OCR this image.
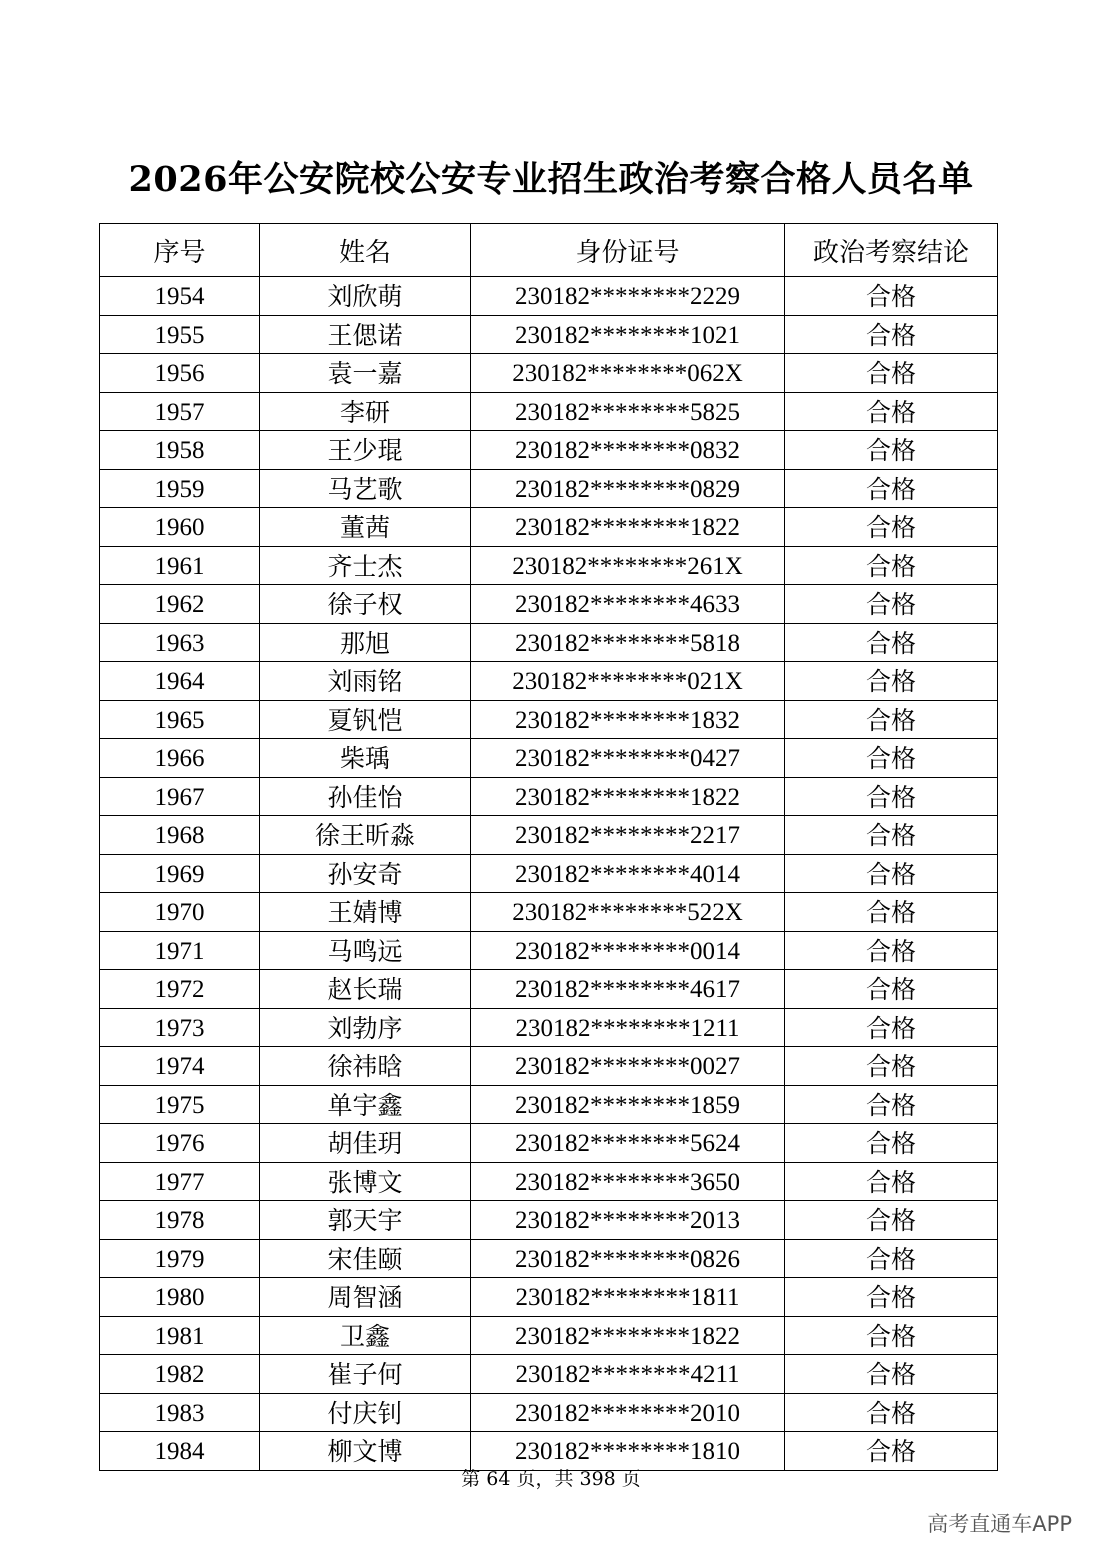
2026年公安院校公安专业招生政治考察合格人员名单
序号	姓名	身份证号	政治考察结论
1954	刘欣萌	230182********2229	合格
1955	王偲诺	230182********1021	合格
1956	袁一嘉	230182********062X	合格
1957	李研	230182********5825	合格
1958	王少琨	230182********0832	合格
1959	马艺歌	230182********0829	合格
1960	董茜	230182********1822	合格
1961	齐士杰	230182********261X	合格
1962	徐子权	230182********4633	合格
1963	那旭	230182********5818	合格
1964	刘雨铭	230182********021X	合格
1965	夏钒恺	230182********1832	合格
1966	柴瑀	230182********0427	合格
1967	孙佳怡	230182********1822	合格
1968	徐王昕淼	230182********2217	合格
1969	孙安奇	230182********4014	合格
1970	王婧博	230182********522X	合格
1971	马鸣远	230182********0014	合格
1972	赵长瑞	230182********4617	合格
1973	刘勃序	230182********1211	合格
1974	徐祎晗	230182********0027	合格
1975	单宇鑫	230182********1859	合格
1976	胡佳玥	230182********5624	合格
1977	张博文	230182********3650	合格
1978	郭天宇	230182********2013	合格
1979	宋佳颐	230182********0826	合格
1980	周智涵	230182********1811	合格
1981	卫鑫	230182********1822	合格
1982	崔子何	230182********4211	合格
1983	付庆钊	230182********2010	合格
1984	柳文博	230182********1810	合格
第 64 页，共 398 页
高考直通车APP
